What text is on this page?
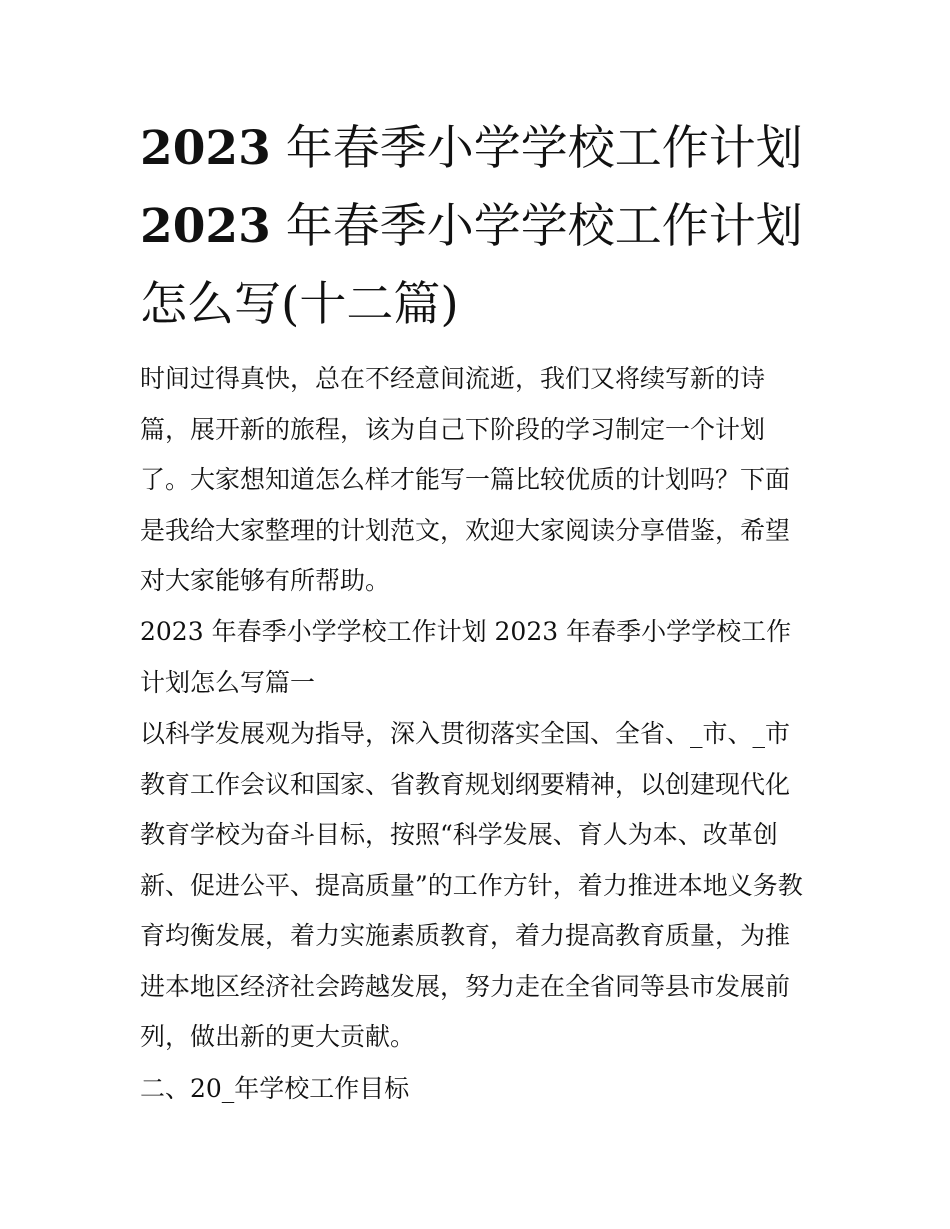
2023 年春季小学学校工作计划
2023 年春季小学学校工作计划怎么写(十二篇)

时间过得真快，总在不经意间流逝，我们又将续写新的诗篇，展开新的旅程，该为自己下阶段的学习制定一个计划了。大家想知道怎么样才能写一篇比较优质的计划吗？下面是我给大家整理的计划范文，欢迎大家阅读分享借鉴，希望对大家能够有所帮助。

2023 年春季小学学校工作计划 2023 年春季小学学校工作计划怎么写篇一

以科学发展观为指导，深入贯彻落实全国、全省、_市、_市教育工作会议和国家、省教育规划纲要精神，以创建现代化教育学校为奋斗目标，按照“科学发展、育人为本、改革创新、促进公平、提高质量”的工作方针，着力推进本地义务教育均衡发展，着力实施素质教育，着力提高教育质量，为推进本地区经济社会跨越发展，努力走在全省同等县市发展前列，做出新的更大贡献。

二、20_年学校工作目标
